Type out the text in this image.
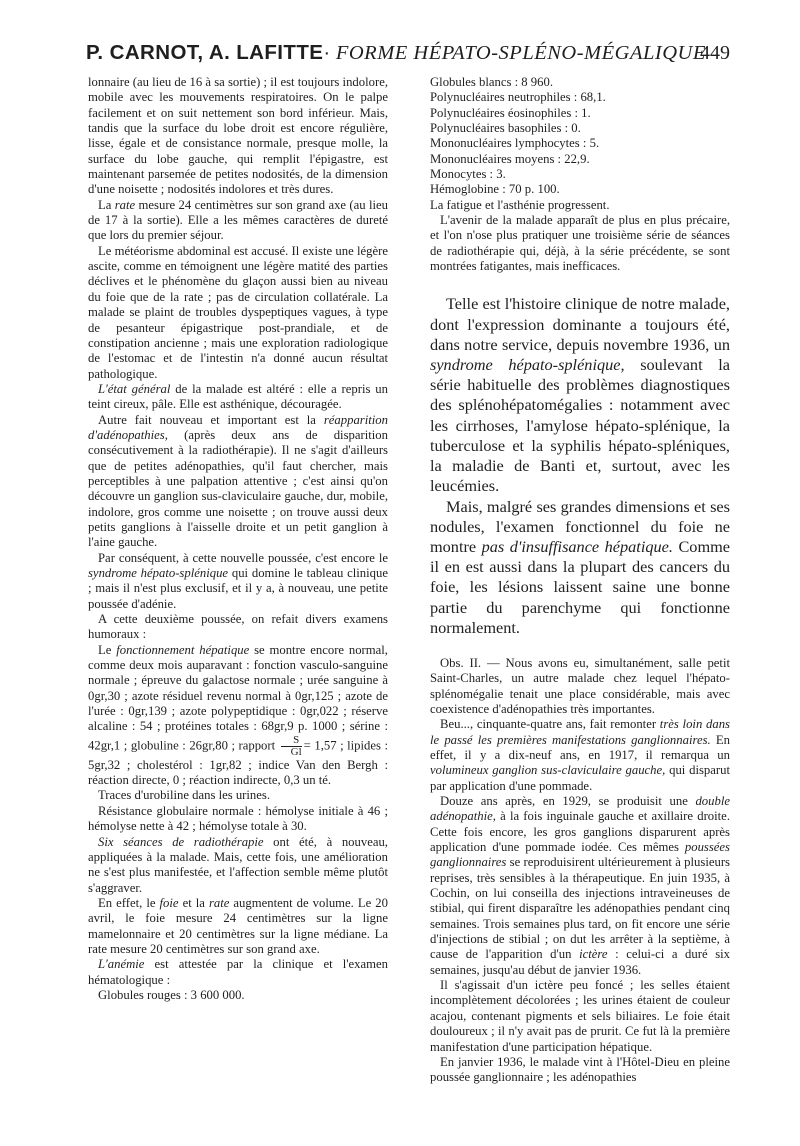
P. CARNOT, A. LAFITTE· FORME HÉPATO-SPLÉNO-MÉGALIQUE
449

lonnaire (au lieu de 16 à sa sortie) ; il est toujours indolore, mobile avec les mouvements respiratoires. On le palpe facilement et on suit nettement son bord inférieur. Mais, tandis que la surface du lobe droit est encore régulière, lisse, égale et de consistance normale, presque molle, la surface du lobe gauche, qui remplit l'épigastre, est maintenant parsemée de petites nodosités, de la dimension d'une noisette ; nodosités indolores et très dures.

La rate mesure 24 centimètres sur son grand axe (au lieu de 17 à la sortie). Elle a les mêmes caractères de dureté que lors du premier séjour.

Le météorisme abdominal est accusé. Il existe une légère ascite, comme en témoignent une légère matité des parties déclives et le phénomène du glaçon aussi bien au niveau du foie que de la rate ; pas de circulation collatérale. La malade se plaint de troubles dyspeptiques vagues, à type de pesanteur épigastrique post-prandiale, et de constipation ancienne ; mais une exploration radiologique de l'estomac et de l'intestin n'a donné aucun résultat pathologique.

L'état général de la malade est altéré : elle a repris un teint cireux, pâle. Elle est asthénique, découragée.

Autre fait nouveau et important est la réapparition d'adénopathies, (après deux ans de disparition consécutivement à la radiothérapie). Il ne s'agit d'ailleurs que de petites adénopathies, qu'il faut chercher, mais perceptibles à une palpation attentive ; c'est ainsi qu'on découvre un ganglion sus-claviculaire gauche, dur, mobile, indolore, gros comme une noisette ; on trouve aussi deux petits ganglions à l'aisselle droite et un petit ganglion à l'aine gauche.

Par conséquent, à cette nouvelle poussée, c'est encore le syndrome hépato-splénique qui domine le tableau clinique ; mais il n'est plus exclusif, et il y a, à nouveau, une petite poussée d'adénie.

A cette deuxième poussée, on refait divers examens humoraux :

Le fonctionnement hépatique se montre encore normal, comme deux mois auparavant : fonction vasculo-sanguine normale ; épreuve du galactose normale ; urée sanguine à 0gr,30 ; azote résiduel revenu normal à 0gr,125 ; azote de l'urée : 0gr,139 ; azote polypeptidique : 0gr,022 ; réserve alcaline : 54 ; protéines totales : 68gr,9 p. 1000 ; sérine : 42gr,1 ; globuline : 26gr,80 ; rapport $\frac{S}{Gl} = 1,57$ ; lipides : 5gr,32 ; cholestérol : 1gr,82 ; indice Van den Bergh : réaction directe, 0 ; réaction indirecte, 0,3 un té.

Traces d'urobiline dans les urines.

Résistance globulaire normale : hémolyse initiale à 46 ; hémolyse nette à 42 ; hémolyse totale à 30.

Six séances de radiothérapie ont été, à nouveau, appliquées à la malade. Mais, cette fois, une amélioration ne s'est plus manifestée, et l'affection semble même plutôt s'aggraver.

En effet, le foie et la rate augmentent de volume. Le 20 avril, le foie mesure 24 centimètres sur la ligne mamelonnaire et 20 centimètres sur la ligne médiane. La rate mesure 20 centimètres sur son grand axe.

L'anémie est attestée par la clinique et l'examen hématologique :

Globules rouges : 3 600 000.

Globules blancs : 8 960.

Polynucléaires neutrophiles : 68,1.

Polynucléaires éosinophiles : 1.

Polynucléaires basophiles : 0.

Mononucléaires lymphocytes : 5.

Mononucléaires moyens : 22,9.

Monocytes : 3.

Hémoglobine : 70 p. 100.

La fatigue et l'asthénie progressent.

L'avenir de la malade apparaît de plus en plus précaire, et l'on n'ose plus pratiquer une troisième série de séances de radiothérapie qui, déjà, à la série précédente, se sont montrées fatigantes, mais inefficaces.

Telle est l'histoire clinique de notre malade, dont l'expression dominante a toujours été, dans notre service, depuis novembre 1936, un syndrome hépato-splénique, soulevant la série habituelle des problèmes diagnostiques des splénohépatomégalies : notamment avec les cirrhoses, l'amylose hépato-splénique, la tuberculose et la syphilis hépato-spléniques, la maladie de Banti et, surtout, avec les leucémies.

Mais, malgré ses grandes dimensions et ses nodules, l'examen fonctionnel du foie ne montre pas d'insuffisance hépatique. Comme il en est aussi dans la plupart des cancers du foie, les lésions laissent saine une bonne partie du parenchyme qui fonctionne normalement.

Obs. II. — Nous avons eu, simultanément, salle petit Saint-Charles, un autre malade chez lequel l'hépato-splénomégalie tenait une place considérable, mais avec coexistence d'adénopathies très importantes.

Beu..., cinquante-quatre ans, fait remonter très loin dans le passé les premières manifestations ganglionnaires. En effet, il y a dix-neuf ans, en 1917, il remarqua un volumineux ganglion sus-claviculaire gauche, qui disparut par application d'une pommade.

Douze ans après, en 1929, se produisit une double adénopathie, à la fois inguinale gauche et axillaire droite. Cette fois encore, les gros ganglions disparurent après application d'une pommade iodée. Ces mêmes poussées ganglionnaires se reproduisirent ultérieurement à plusieurs reprises, très sensibles à la thérapeutique. En juin 1935, à Cochin, on lui conseilla des injections intraveineuses de stibial, qui firent disparaître les adénopathies pendant cinq semaines. Trois semaines plus tard, on fit encore une série d'injections de stibial ; on dut les arrêter à la septième, à cause de l'apparition d'un ictère : celui-ci a duré six semaines, jusqu'au début de janvier 1936.

Il s'agissait d'un ictère peu foncé ; les selles étaient incomplètement décolorées ; les urines étaient de couleur acajou, contenant pigments et sels biliaires. Le foie était douloureux ; il n'y avait pas de prurit. Ce fut là la première manifestation d'une participation hépatique.

En janvier 1936, le malade vint à l'Hôtel-Dieu en pleine poussée ganglionnaire ; les adénopathies
